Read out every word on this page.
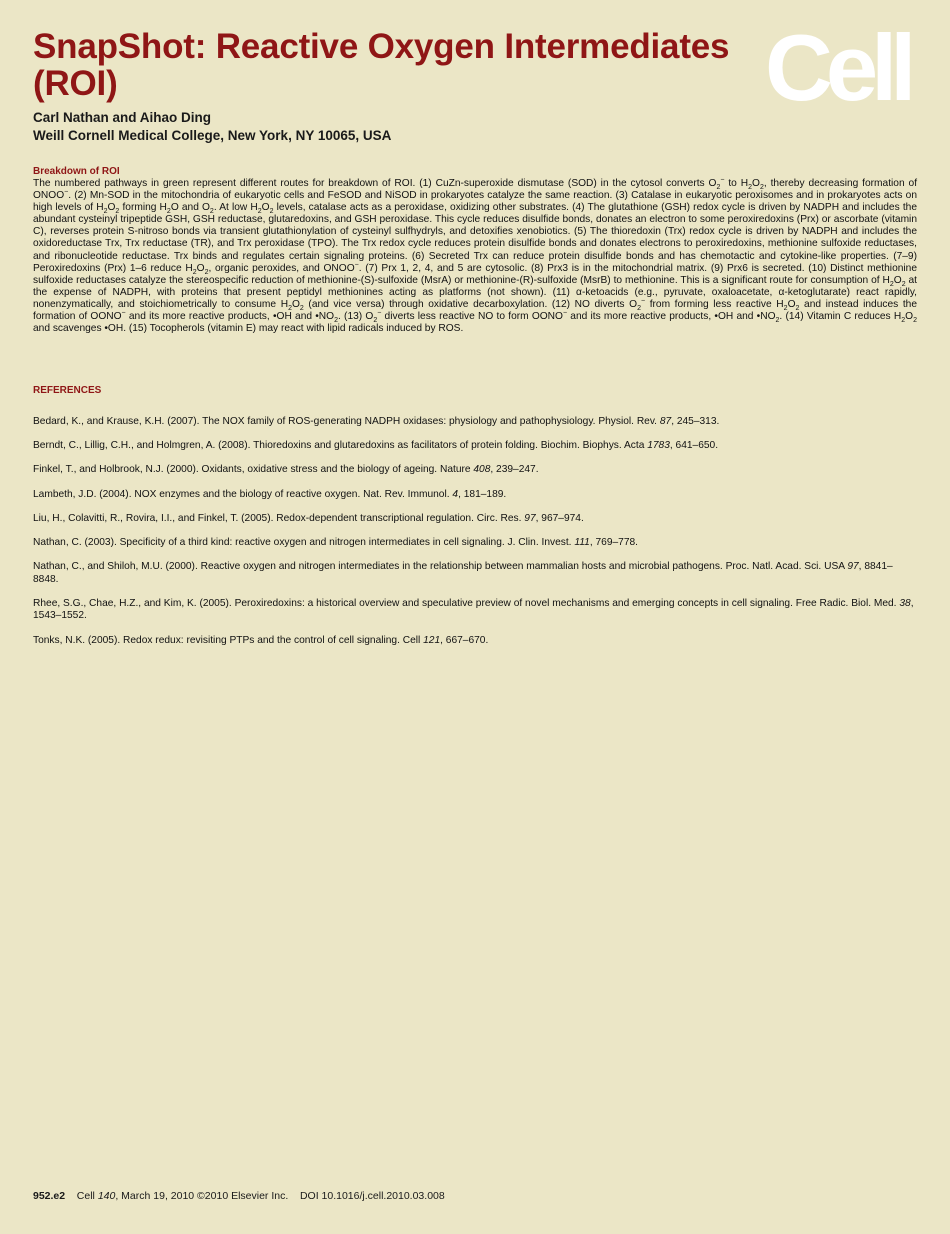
SnapShot: Reactive Oxygen Intermediates (ROI)	Cell
Carl Nathan and Aihao Ding
Weill Cornell Medical College, New York, NY 10065, USA
Breakdown of ROI
The numbered pathways in green represent different routes for breakdown of ROI. (1) CuZn-superoxide dismutase (SOD) in the cytosol converts $O_2^-$ to $H_2O_2$, thereby decreasing formation of ONOO−. (2) Mn-SOD in the mitochondria of eukaryotic cells and FeSOD and NiSOD in prokaryotes catalyze the same reaction. (3) Catalase in eukaryotic peroxisomes and in prokaryotes acts on high levels of $H_2O_2$ forming $H_2O$ and $O_2$. At low $H_2O_2$ levels, catalase acts as a peroxidase, oxidizing other substrates. (4) The glutathione (GSH) redox cycle is driven by NADPH and includes the abundant cysteinyl tripeptide GSH, GSH reductase, glutaredoxins, and GSH peroxidase. This cycle reduces disulfide bonds, donates an electron to some peroxiredoxins (Prx) or ascorbate (vitamin C), reverses protein S-nitroso bonds via transient glutathionylation of cysteinyl sulfhydryls, and detoxifies xenobiotics. (5) The thioredoxin (Trx) redox cycle is driven by NADPH and includes the oxidoreductase Trx, Trx reductase (TR), and Trx peroxidase (TPO). The Trx redox cycle reduces protein disulfide bonds and donates electrons to peroxiredoxins, methionine sulfoxide reductases, and ribonucleotide reductase. Trx binds and regulates certain signaling proteins. (6) Secreted Trx can reduce protein disulfide bonds and has chemotactic and cytokine-like properties. (7–9) Peroxiredoxins (Prx) 1–6 reduce $H_2O_2$, organic peroxides, and ONOO−. (7) Prx 1, 2, 4, and 5 are cytosolic. (8) Prx3 is in the mitochondrial matrix. (9) Prx6 is secreted. (10) Distinct methionine sulfoxide reductases catalyze the stereospecific reduction of methionine-(S)-sulfoxide (MsrA) or methionine-(R)-sulfoxide (MsrB) to methionine. This is a significant route for consumption of $H_2O_2$ at the expense of NADPH, with proteins that present peptidyl methionines acting as platforms (not shown). (11) α-ketoacids (e.g., pyruvate, oxaloacetate, α-ketoglutarate) react rapidly, nonenzymatically, and stoichiometrically to consume $H_2O_2$ (and vice versa) through oxidative decarboxylation. (12) NO diverts $O_2^-$ from forming less reactive $H_2O_2$ and instead induces the formation of OONO− and its more reactive products, •OH and $•NO_2$. (13) $O_2^-$ diverts less reactive NO to form OONO− and its more reactive products, •OH and $•NO_2$. (14) Vitamin C reduces $H_2O_2$ and scavenges •OH. (15) Tocopherols (vitamin E) may react with lipid radicals induced by ROS.
REFERENCES
Bedard, K., and Krause, K.H. (2007). The NOX family of ROS-generating NADPH oxidases: physiology and pathophysiology. Physiol. Rev. 87, 245–313.
Berndt, C., Lillig, C.H., and Holmgren, A. (2008). Thioredoxins and glutaredoxins as facilitators of protein folding. Biochim. Biophys. Acta 1783, 641–650.
Finkel, T., and Holbrook, N.J. (2000). Oxidants, oxidative stress and the biology of ageing. Nature 408, 239–247.
Lambeth, J.D. (2004). NOX enzymes and the biology of reactive oxygen. Nat. Rev. Immunol. 4, 181–189.
Liu, H., Colavitti, R., Rovira, I.I., and Finkel, T. (2005). Redox-dependent transcriptional regulation. Circ. Res. 97, 967–974.
Nathan, C. (2003). Specificity of a third kind: reactive oxygen and nitrogen intermediates in cell signaling. J. Clin. Invest. 111, 769–778.
Nathan, C., and Shiloh, M.U. (2000). Reactive oxygen and nitrogen intermediates in the relationship between mammalian hosts and microbial pathogens. Proc. Natl. Acad. Sci. USA 97, 8841–8848.
Rhee, S.G., Chae, H.Z., and Kim, K. (2005). Peroxiredoxins: a historical overview and speculative preview of novel mechanisms and emerging concepts in cell signaling. Free Radic. Biol. Med. 38, 1543–1552.
Tonks, N.K. (2005). Redox redux: revisiting PTPs and the control of cell signaling. Cell 121, 667–670.
952.e2 Cell 140, March 19, 2010 ©2010 Elsevier Inc. DOI 10.1016/j.cell.2010.03.008
